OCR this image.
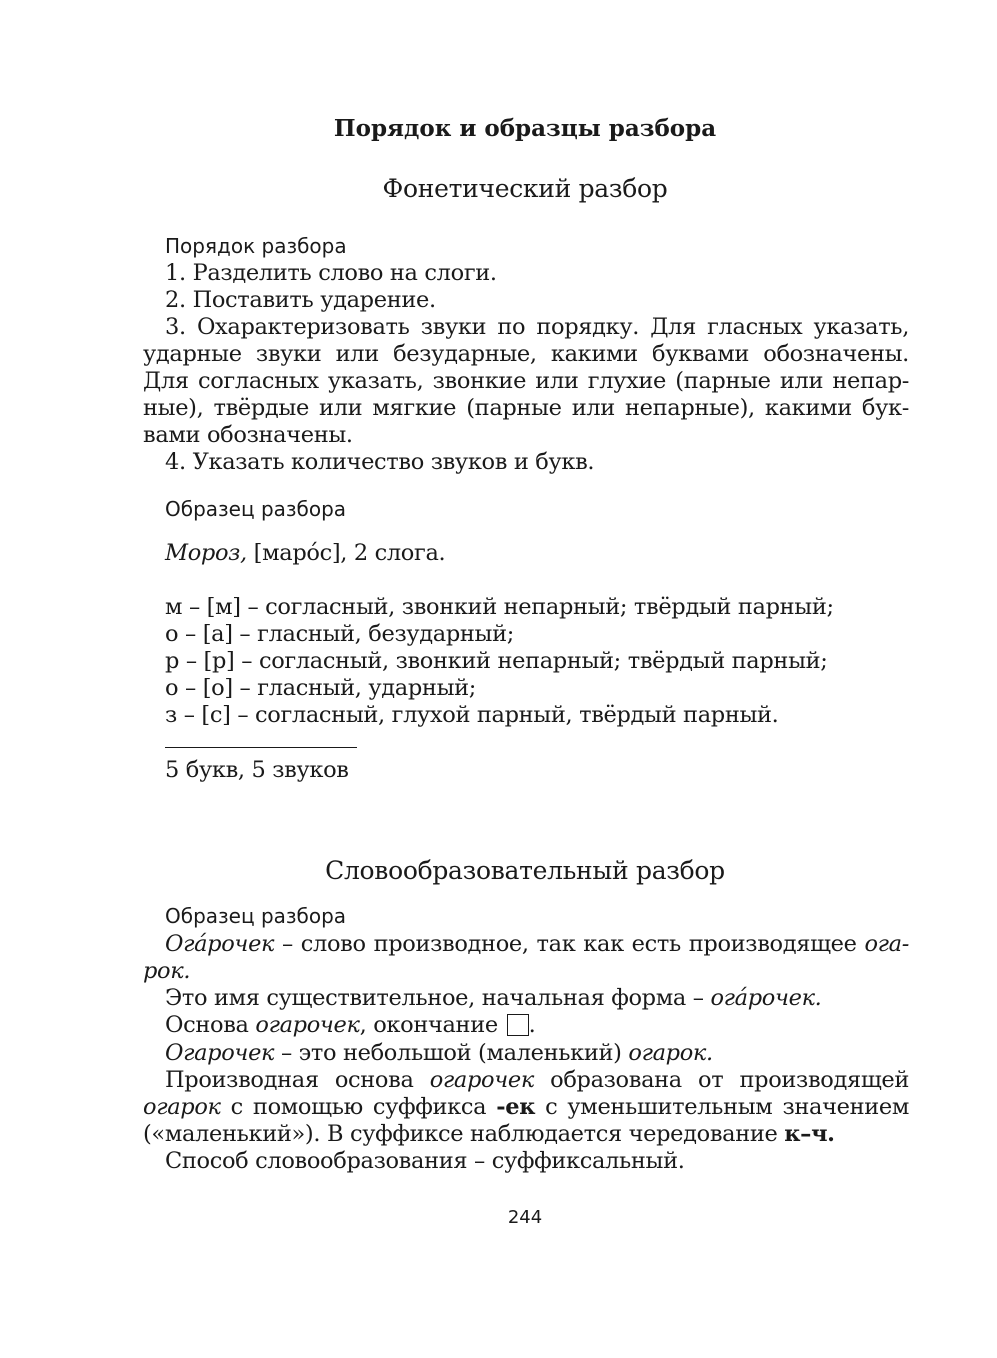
Порядок и образцы разбора
Фонетический разбор
Порядок разбора
1. Разделить слово на слоги.
2. Поставить ударение.
3. Охарактеризовать звуки по порядку. Для гласных указать,
ударные звуки или безударные, какими буквами обозначены.
Для согласных указать, звонкие или глухие (парные или непар-
ные), твёрдые или мягкие (парные или непарные), какими бук-
вами обозначены.
4. Указать количество звуков и букв.
Образец разбора
Мороз, [маро́с], 2 слога.
м – [м] – согласный, звонкий непарный; твёрдый парный;
о – [а] – гласный, безударный;
р – [р] – согласный, звонкий непарный; твёрдый парный;
о – [о] – гласный, ударный;
з – [с] – согласный, глухой парный, твёрдый парный.
5 букв, 5 звуков
Словообразовательный разбор
Образец разбора
Ога́рочек – слово производное, так как есть производящее ога-
рок.
Это имя существительное, начальная форма – ога́рочек.
Основа огарочек, окончание .
Огарочек – это небольшой (маленький) огарок.
Производная основа огарочек образована от производящей
огарок с помощью суффикса -ек с уменьшительным значением
(«маленький»). В суффиксе наблюдается чередование к–ч.
Способ словообразования – суффиксальный.
244
